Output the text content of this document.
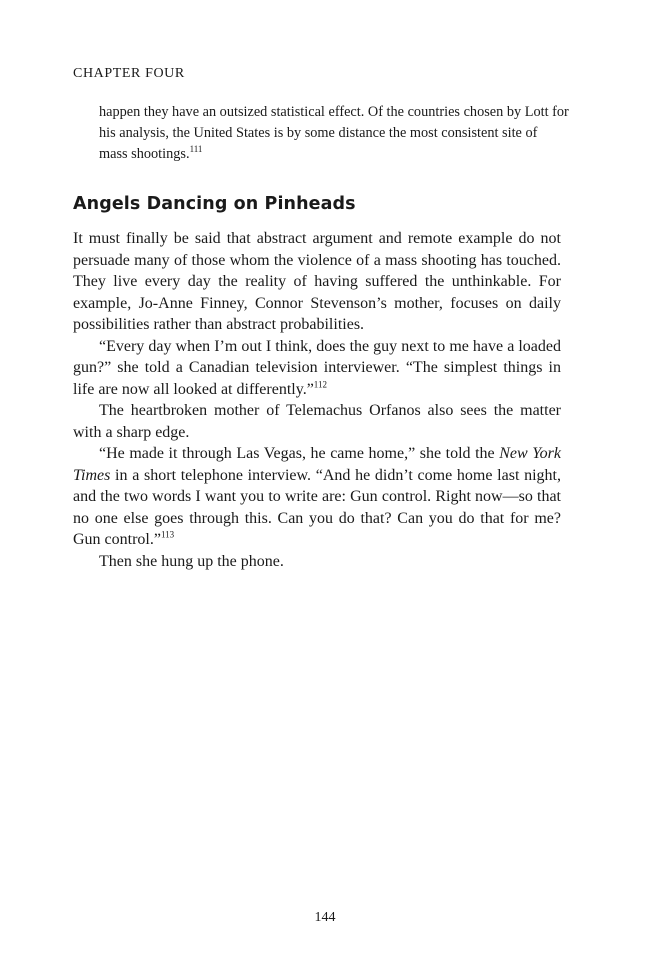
CHAPTER FOUR

happen they have an outsized statistical effect. Of the countries chosen by Lott for his analysis, the United States is by some distance the most consistent site of mass shootings.$^{111}$

Angels Dancing on Pinheads

It must finally be said that abstract argument and remote example do not persuade many of those whom the violence of a mass shooting has touched. They live every day the reality of having suffered the unthinkable. For example, Jo-Anne Finney, Connor Stevenson’s mother, focuses on daily possibilities rather than abstract probabilities.

“Every day when I’m out I think, does the guy next to me have a loaded gun?” she told a Canadian television interviewer. “The simplest things in life are now all looked at differently.”$^{112}$

The heartbroken mother of Telemachus Orfanos also sees the matter with a sharp edge.

“He made it through Las Vegas, he came home,” she told the New York Times in a short telephone interview. “And he didn’t come home last night, and the two words I want you to write are: Gun control. Right now—so that no one else goes through this. Can you do that? Can you do that for me? Gun control.”$^{113}$

Then she hung up the phone.

144
